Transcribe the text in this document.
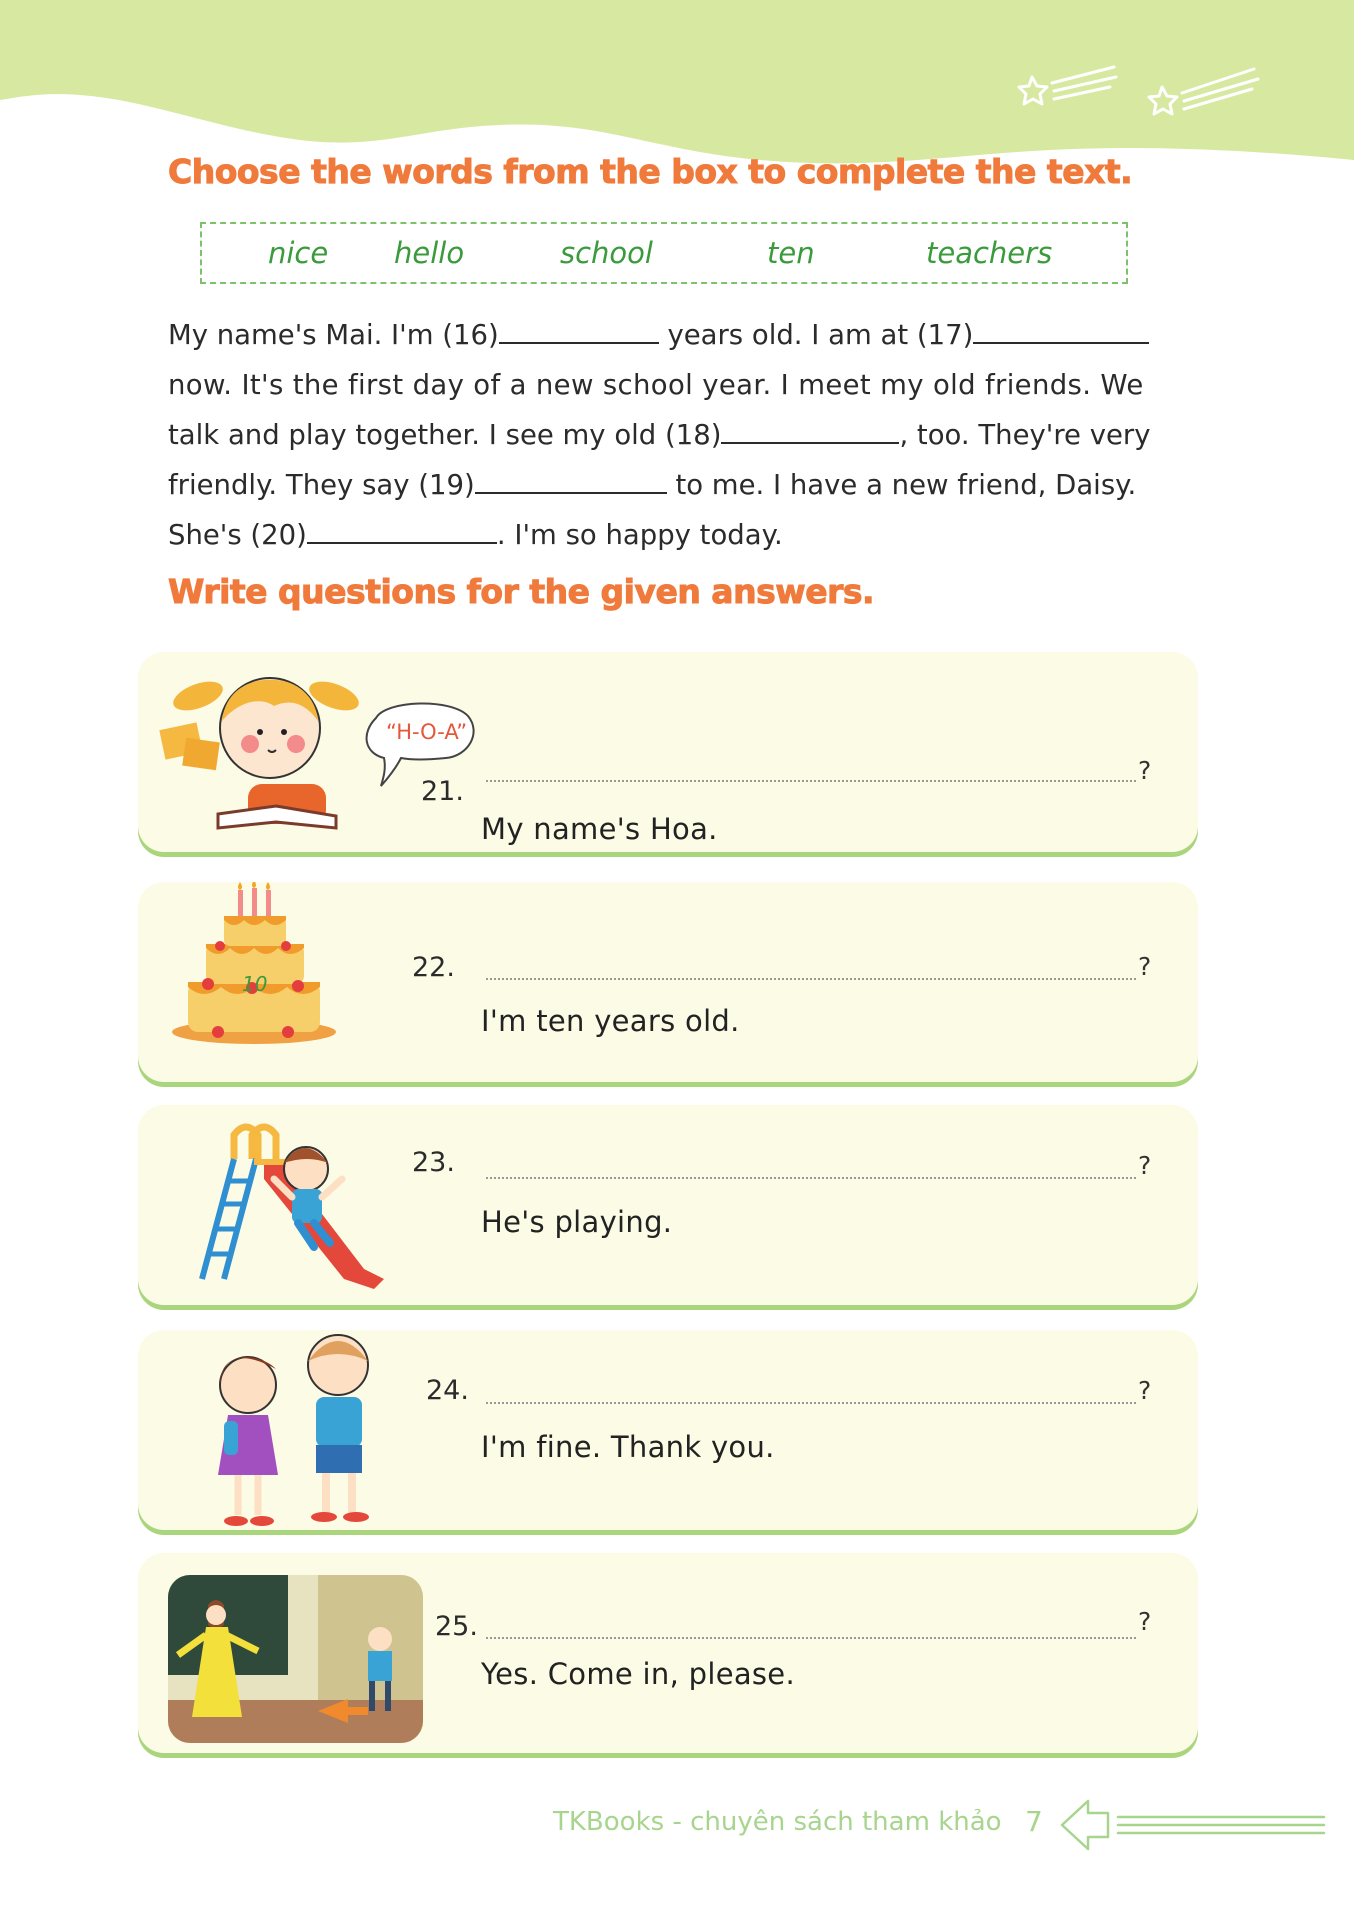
Choose the words from the box to complete the text.
nice hello	school	ten	teachers
My name's Mai. I'm (16)	years old. I am at (17)
now. It's the first day of a new school year. I meet my old friends. We
talk and play together. I see my old (18)	, too. They're very
friendly. They say (19)	to me. I have a new friend, Daisy.
She's (20)	. I'm so happy today.
Write questions for the given answers.
“H-O-A”
21.
?
My name's Hoa.
10
22.	?
I'm ten years old.
23.	?
He's playing.
24.	?
I'm fine. Thank you.
25.	?
Yes. Come in, please.
TKBooks - chuyên sách tham khảo 7
